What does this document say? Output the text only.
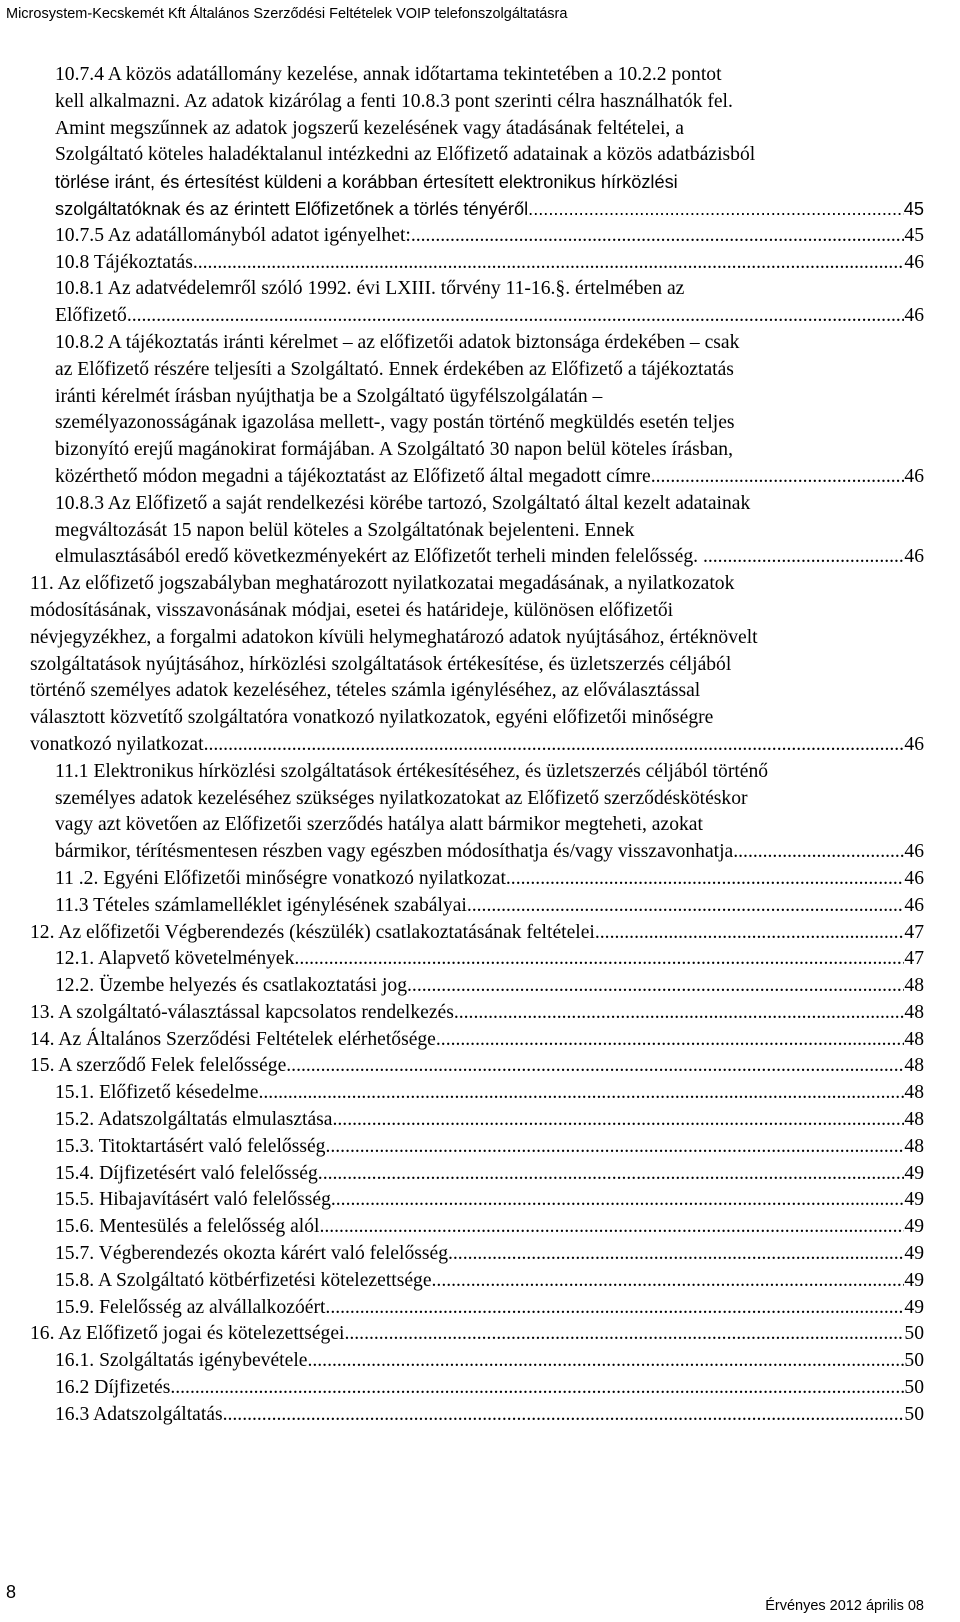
Microsystem-Kecskemét Kft Általános Szerződési Feltételek VOIP telefonszolgáltatásra
10.7.4 A közös adatállomány kezelése, annak időtartama tekintetében a 10.2.2 pontot
kell alkalmazni. Az adatok kizárólag a fenti 10.8.3 pont szerinti célra használhatók fel.
Amint megszűnnek az adatok jogszerű kezelésének vagy átadásának feltételei, a
Szolgáltató köteles haladéktalanul intézkedni az Előfizető adatainak a közös adatbázisból
törlése iránt, és értesítést küldeni a korábban értesített elektronikus hírközlési
szolgáltatóknak és az érintett Előfizetőnek a törlés tényéről .....	45
10.7.5 Az adatállományból adatot igényelhet: .....	45
10.8 Tájékoztatás .....	46
10.8.1 Az adatvédelemről szóló 1992. évi LXIII. tőrvény 11-16.§. értelmében az
Előfizető .....	46
10.8.2 A tájékoztatás iránti kérelmet – az előfizetői adatok biztonsága érdekében – csak
az Előfizető részére teljesíti a Szolgáltató. Ennek érdekében az Előfizető a tájékoztatás
iránti kérelmét írásban nyújthatja be a Szolgáltató ügyfélszolgálatán –
személyazonosságának igazolása mellett-, vagy postán történő megküldés esetén teljes
bizonyító erejű magánokirat formájában. A Szolgáltató 30 napon belül köteles írásban,
közérthető módon megadni a tájékoztatást az Előfizető által megadott címre. .....	46
10.8.3 Az Előfizető a saját rendelkezési körébe tartozó, Szolgáltató által kezelt adatainak
megváltozását 15 napon belül köteles a Szolgáltatónak bejelenteni. Ennek
elmulasztásából eredő következményekért az Előfizetőt terheli minden felelősség. . .....	46
11. Az előfizető jogszabályban meghatározott nyilatkozatai megadásának, a nyilatkozatok
módosításának, visszavonásának módjai, esetei és határideje, különösen előfizetői
névjegyzékhez, a forgalmi adatokon kívüli helymeghatározó adatok nyújtásához, értéknövelt
szolgáltatások nyújtásához, hírközlési szolgáltatások értékesítése, és üzletszerzés céljából
történő személyes adatok kezeléséhez, tételes számla igényléséhez, az előválasztással
választott közvetítő szolgáltatóra vonatkozó nyilatkozatok, egyéni előfizetői minőségre
vonatkozó nyilatkozat .....	46
11.1 Elektronikus hírközlési szolgáltatások értékesítéséhez, és üzletszerzés céljából történő
személyes adatok kezeléséhez szükséges nyilatkozatokat az Előfizető szerződéskötéskor
vagy azt követően az Előfizetői szerződés hatálya alatt bármikor megteheti, azokat
bármikor, térítésmentesen részben vagy egészben módosíthatja és/vagy visszavonhatja. .....	46
11 .2. Egyéni Előfizetői minőségre vonatkozó nyilatkozat .....	46
11.3 Tételes számlamelléklet igénylésének szabályai .....	46
12. Az előfizetői Végberendezés (készülék) csatlakoztatásának feltételei .....	47
12.1. Alapvető követelmények .....	47
12.2. Üzembe helyezés és csatlakoztatási jog .....	48
13. A szolgáltató-választással kapcsolatos rendelkezés .....	48
14. Az Általános Szerződési Feltételek elérhetősége .....	48
15. A szerződő Felek felelőssége .....	48
15.1. Előfizető késedelme .....	48
15.2. Adatszolgáltatás elmulasztása .....	48
15.3. Titoktartásért való felelősség .....	48
15.4. Díjfizetésért való felelősség .....	49
15.5. Hibajavításért való felelősség .....	49
15.6. Mentesülés a felelősség alól .....	49
15.7. Végberendezés okozta kárért való felelősség .....	49
15.8. A Szolgáltató kötbérfizetési kötelezettsége .....	49
15.9. Felelősség az alvállalkozóért .....	49
16. Az Előfizető jogai és kötelezettségei .....	50
16.1. Szolgáltatás igénybevétele .....	50
16.2 Díjfizetés .....	50
16.3 Adatszolgáltatás .....	50
8
Érvényes 2012 április 08
